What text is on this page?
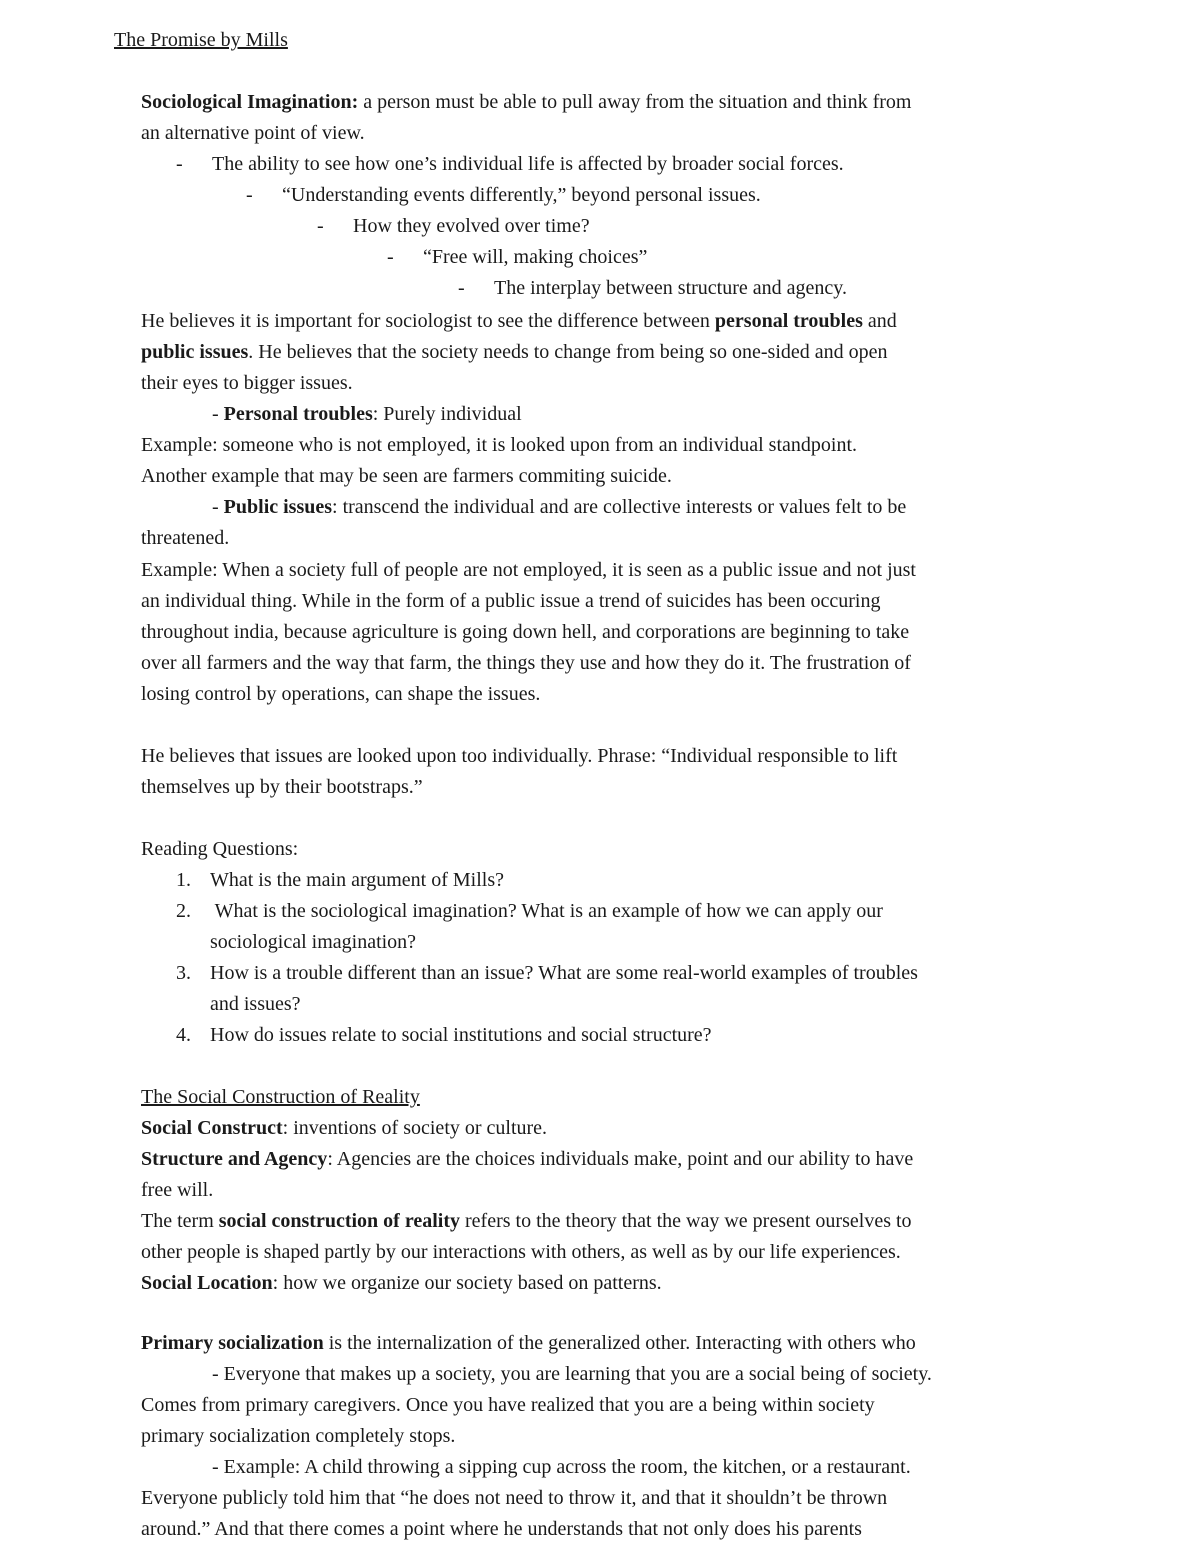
The Promise by Mills
Sociological Imagination: a person must be able to pull away from the situation and think from
an alternative point of view.
- The ability to see how one’s individual life is affected by broader social forces.
- “Understanding events differently,” beyond personal issues.
- How they evolved over time?
- “Free will, making choices”
- The interplay between structure and agency.
He believes it is important for sociologist to see the difference between personal troubles and
public issues. He believes that the society needs to change from being so one-sided and open
their eyes to bigger issues.
- Personal troubles: Purely individual
Example: someone who is not employed, it is looked upon from an individual standpoint.
Another example that may be seen are farmers commiting suicide.
- Public issues: transcend the individual and are collective interests or values felt to be
threatened.
Example: When a society full of people are not employed, it is seen as a public issue and not just
an individual thing. While in the form of a public issue a trend of suicides has been occuring
throughout india, because agriculture is going down hell, and corporations are beginning to take
over all farmers and the way that farm, the things they use and how they do it. The frustration of
losing control by operations, can shape the issues.
He believes that issues are looked upon too individually. Phrase: “Individual responsible to lift
themselves up by their bootstraps.”
Reading Questions:
1. What is the main argument of Mills?
2. What is the sociological imagination? What is an example of how we can apply our
sociological imagination?
3. How is a trouble different than an issue? What are some real-world examples of troubles
and issues?
4. How do issues relate to social institutions and social structure?
The Social Construction of Reality
Social Construct: inventions of society or culture.
Structure and Agency: Agencies are the choices individuals make, point and our ability to have
free will.
The term social construction of reality refers to the theory that the way we present ourselves to
other people is shaped partly by our interactions with others, as well as by our life experiences.
Social Location: how we organize our society based on patterns.
Primary socialization is the internalization of the generalized other. Interacting with others who
- Everyone that makes up a society, you are learning that you are a social being of society.
Comes from primary caregivers. Once you have realized that you are a being within society
primary socialization completely stops.
- Example: A child throwing a sipping cup across the room, the kitchen, or a restaurant.
Everyone publicly told him that “he does not need to throw it, and that it shouldn’t be thrown
around.” And that there comes a point where he understands that not only does his parents
